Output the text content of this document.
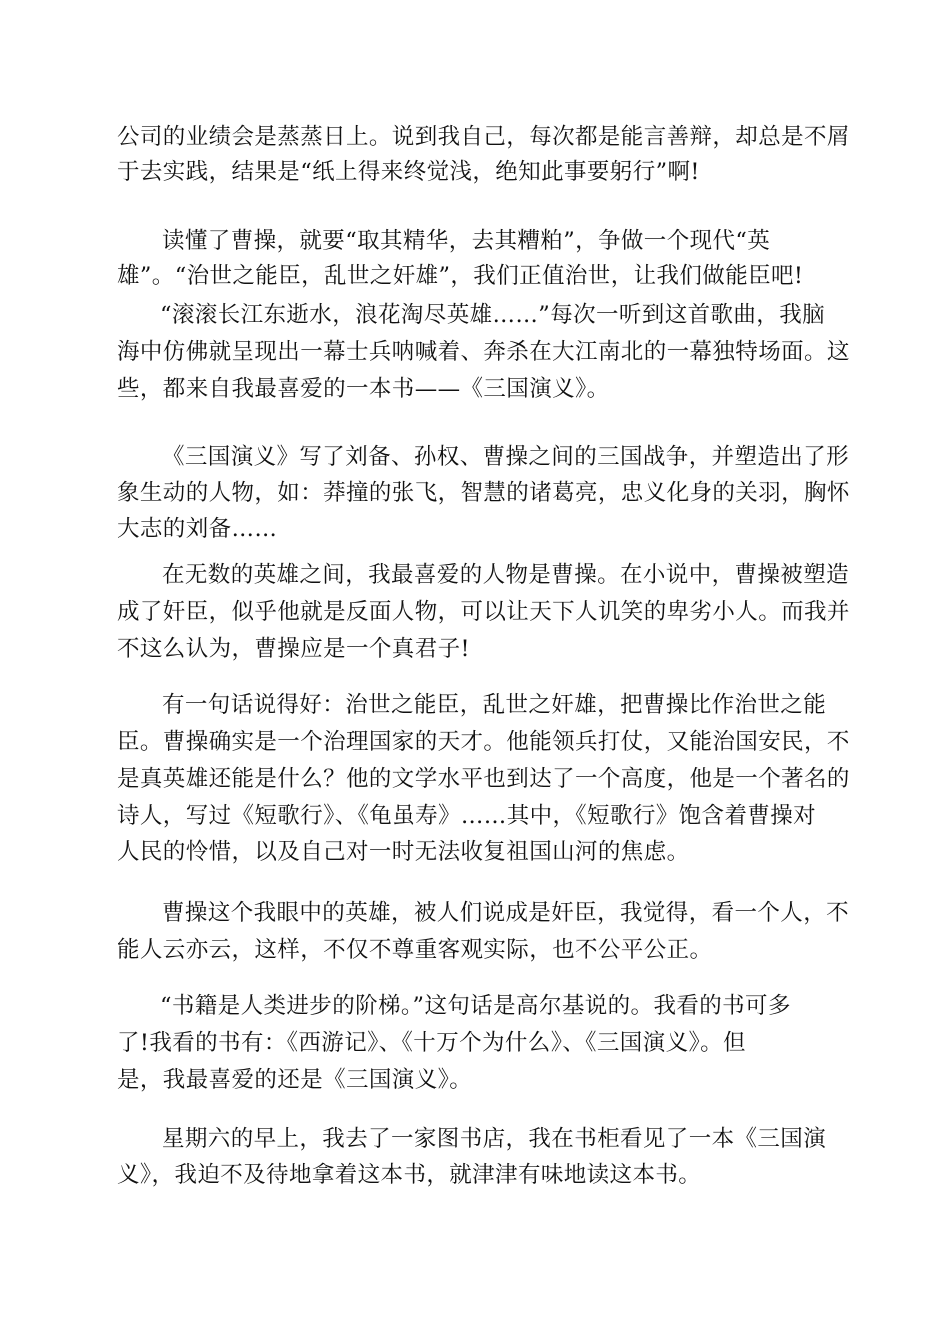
公司的业绩会是蒸蒸日上。说到我自己，每次都是能言善辩，却总是不屑
于去实践，结果是“纸上得来终觉浅，绝知此事要躬行”啊!
读懂了曹操，就要“取其精华，去其糟粕”，争做一个现代“英
雄”。“治世之能臣，乱世之奸雄”，我们正值治世，让我们做能臣吧!
“滚滚长江东逝水，浪花淘尽英雄……”每次一听到这首歌曲，我脑
海中仿佛就呈现出一幕士兵呐喊着、奔杀在大江南北的一幕独特场面。这
些，都来自我最喜爱的一本书——《三国演义》。
《三国演义》写了刘备、孙权、曹操之间的三国战争，并塑造出了形
象生动的人物，如：莽撞的张飞，智慧的诸葛亮，忠义化身的关羽，胸怀
大志的刘备……
在无数的英雄之间，我最喜爱的人物是曹操。在小说中，曹操被塑造
成了奸臣，似乎他就是反面人物，可以让天下人讥笑的卑劣小人。而我并
不这么认为，曹操应是一个真君子!
有一句话说得好：治世之能臣，乱世之奸雄，把曹操比作治世之能
臣。曹操确实是一个治理国家的天才。他能领兵打仗，又能治国安民，不
是真英雄还能是什么？他的文学水平也到达了一个高度，他是一个著名的
诗人，写过《短歌行》、《龟虽寿》……其中，《短歌行》饱含着曹操对
人民的怜惜，以及自己对一时无法收复祖国山河的焦虑。
曹操这个我眼中的英雄，被人们说成是奸臣，我觉得，看一个人，不
能人云亦云，这样，不仅不尊重客观实际，也不公平公正。
“书籍是人类进步的阶梯。”这句话是高尔基说的。我看的书可多
了!我看的书有：《西游记》、《十万个为什么》、《三国演义》。但
是，我最喜爱的还是《三国演义》。
星期六的早上，我去了一家图书店，我在书柜看见了一本《三国演
义》，我迫不及待地拿着这本书，就津津有味地读这本书。
